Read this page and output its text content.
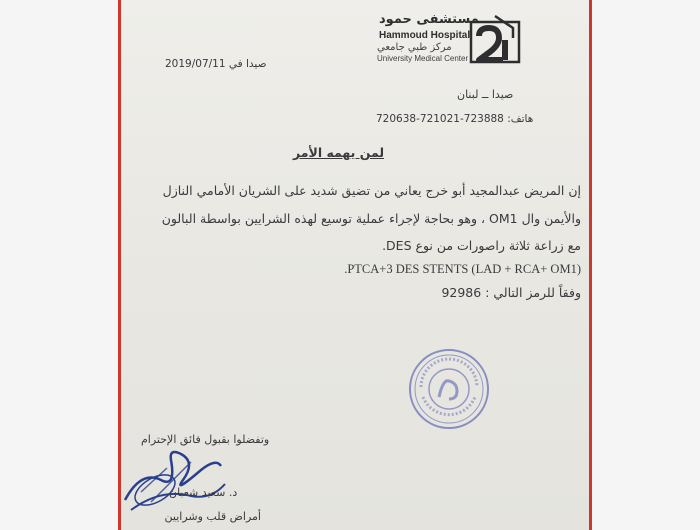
مستشفى حمود
Hammoud Hospital
مركز طبي جامعي
University Medical Center
صيدا في 2019/07/11
صيدا ــ لبنان
هاتف: 723888-721021-720638
لمن يهمه الأمر
إن المريض عبدالمجيد أبو خرج يعاني من تضيق شديد على الشريان الأمامي النازل
والأيمن وال OM1 ، وهو بحاجة لإجراء عملية توسيع لهذه الشرايين بواسطة البالون
مع زراعة ثلاثة راصورات من نوع DES.
PTCA+3 DES STENTS (LAD + RCA+ OM1).
وفقاً للرمز التالي : 92986
وتفضلوا بقبول فائق الإحترام
د. سعيد شعبان
أمراض قلب وشرايين
